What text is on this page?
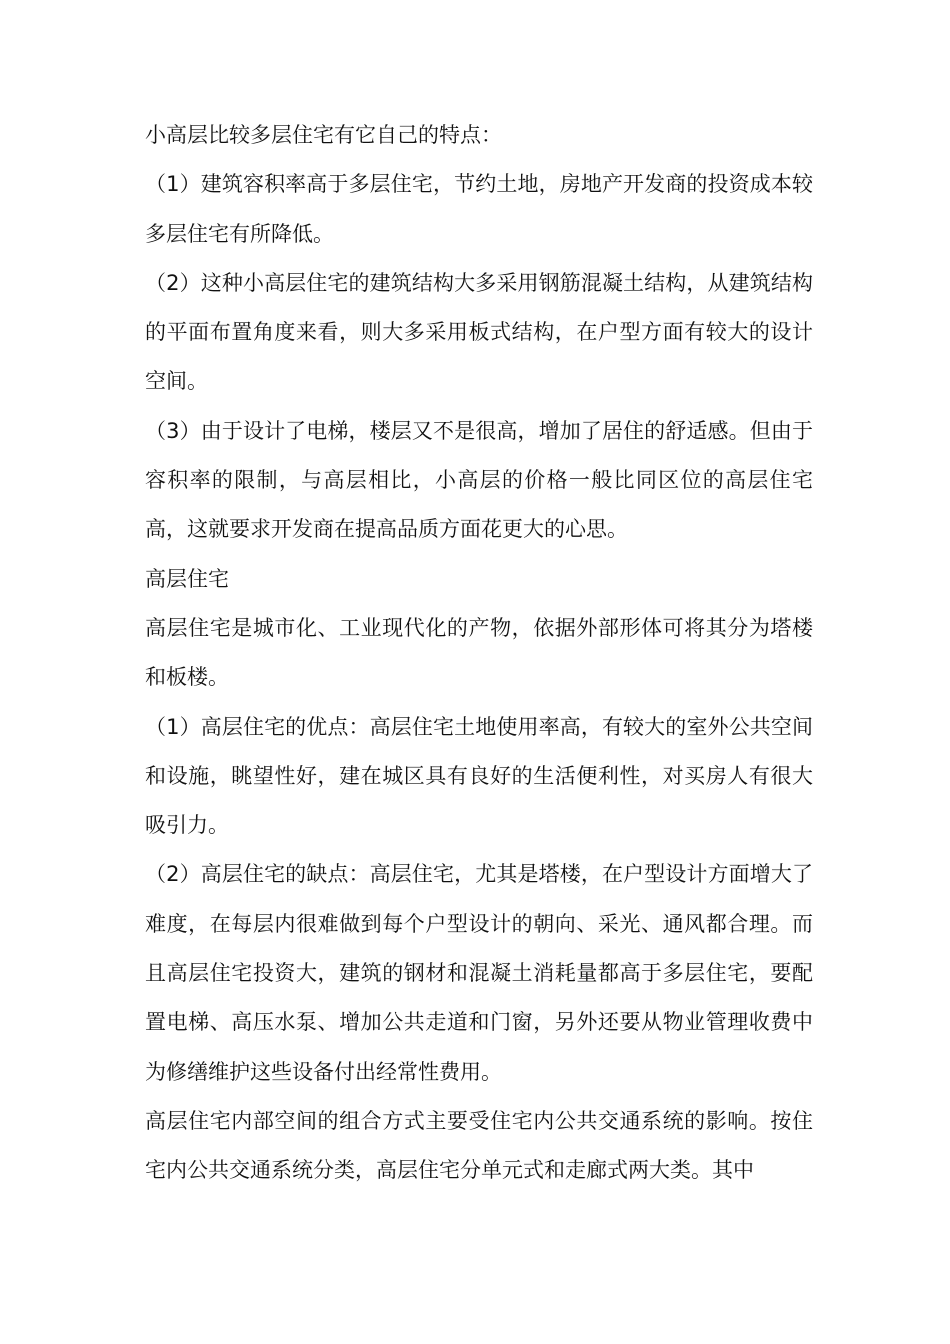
小高层比较多层住宅有它自己的特点：

（1）建筑容积率高于多层住宅，节约土地，房地产开发商的投资成本较多层住宅有所降低。

（2）这种小高层住宅的建筑结构大多采用钢筋混凝土结构，从建筑结构的平面布置角度来看，则大多采用板式结构，在户型方面有较大的设计空间。

（3）由于设计了电梯，楼层又不是很高，增加了居住的舒适感。但由于容积率的限制，与高层相比，小高层的价格一般比同区位的高层住宅高，这就要求开发商在提高品质方面花更大的心思。

高层住宅

高层住宅是城市化、工业现代化的产物，依据外部形体可将其分为塔楼和板楼。

（1）高层住宅的优点：高层住宅土地使用率高，有较大的室外公共空间和设施，眺望性好，建在城区具有良好的生活便利性，对买房人有很大吸引力。

（2）高层住宅的缺点：高层住宅，尤其是塔楼，在户型设计方面增大了难度，在每层内很难做到每个户型设计的朝向、采光、通风都合理。而且高层住宅投资大，建筑的钢材和混凝土消耗量都高于多层住宅，要配置电梯、高压水泵、增加公共走道和门窗，另外还要从物业管理收费中为修缮维护这些设备付出经常性费用。

高层住宅内部空间的组合方式主要受住宅内公共交通系统的影响。按住宅内公共交通系统分类，高层住宅分单元式和走廊式两大类。其中
